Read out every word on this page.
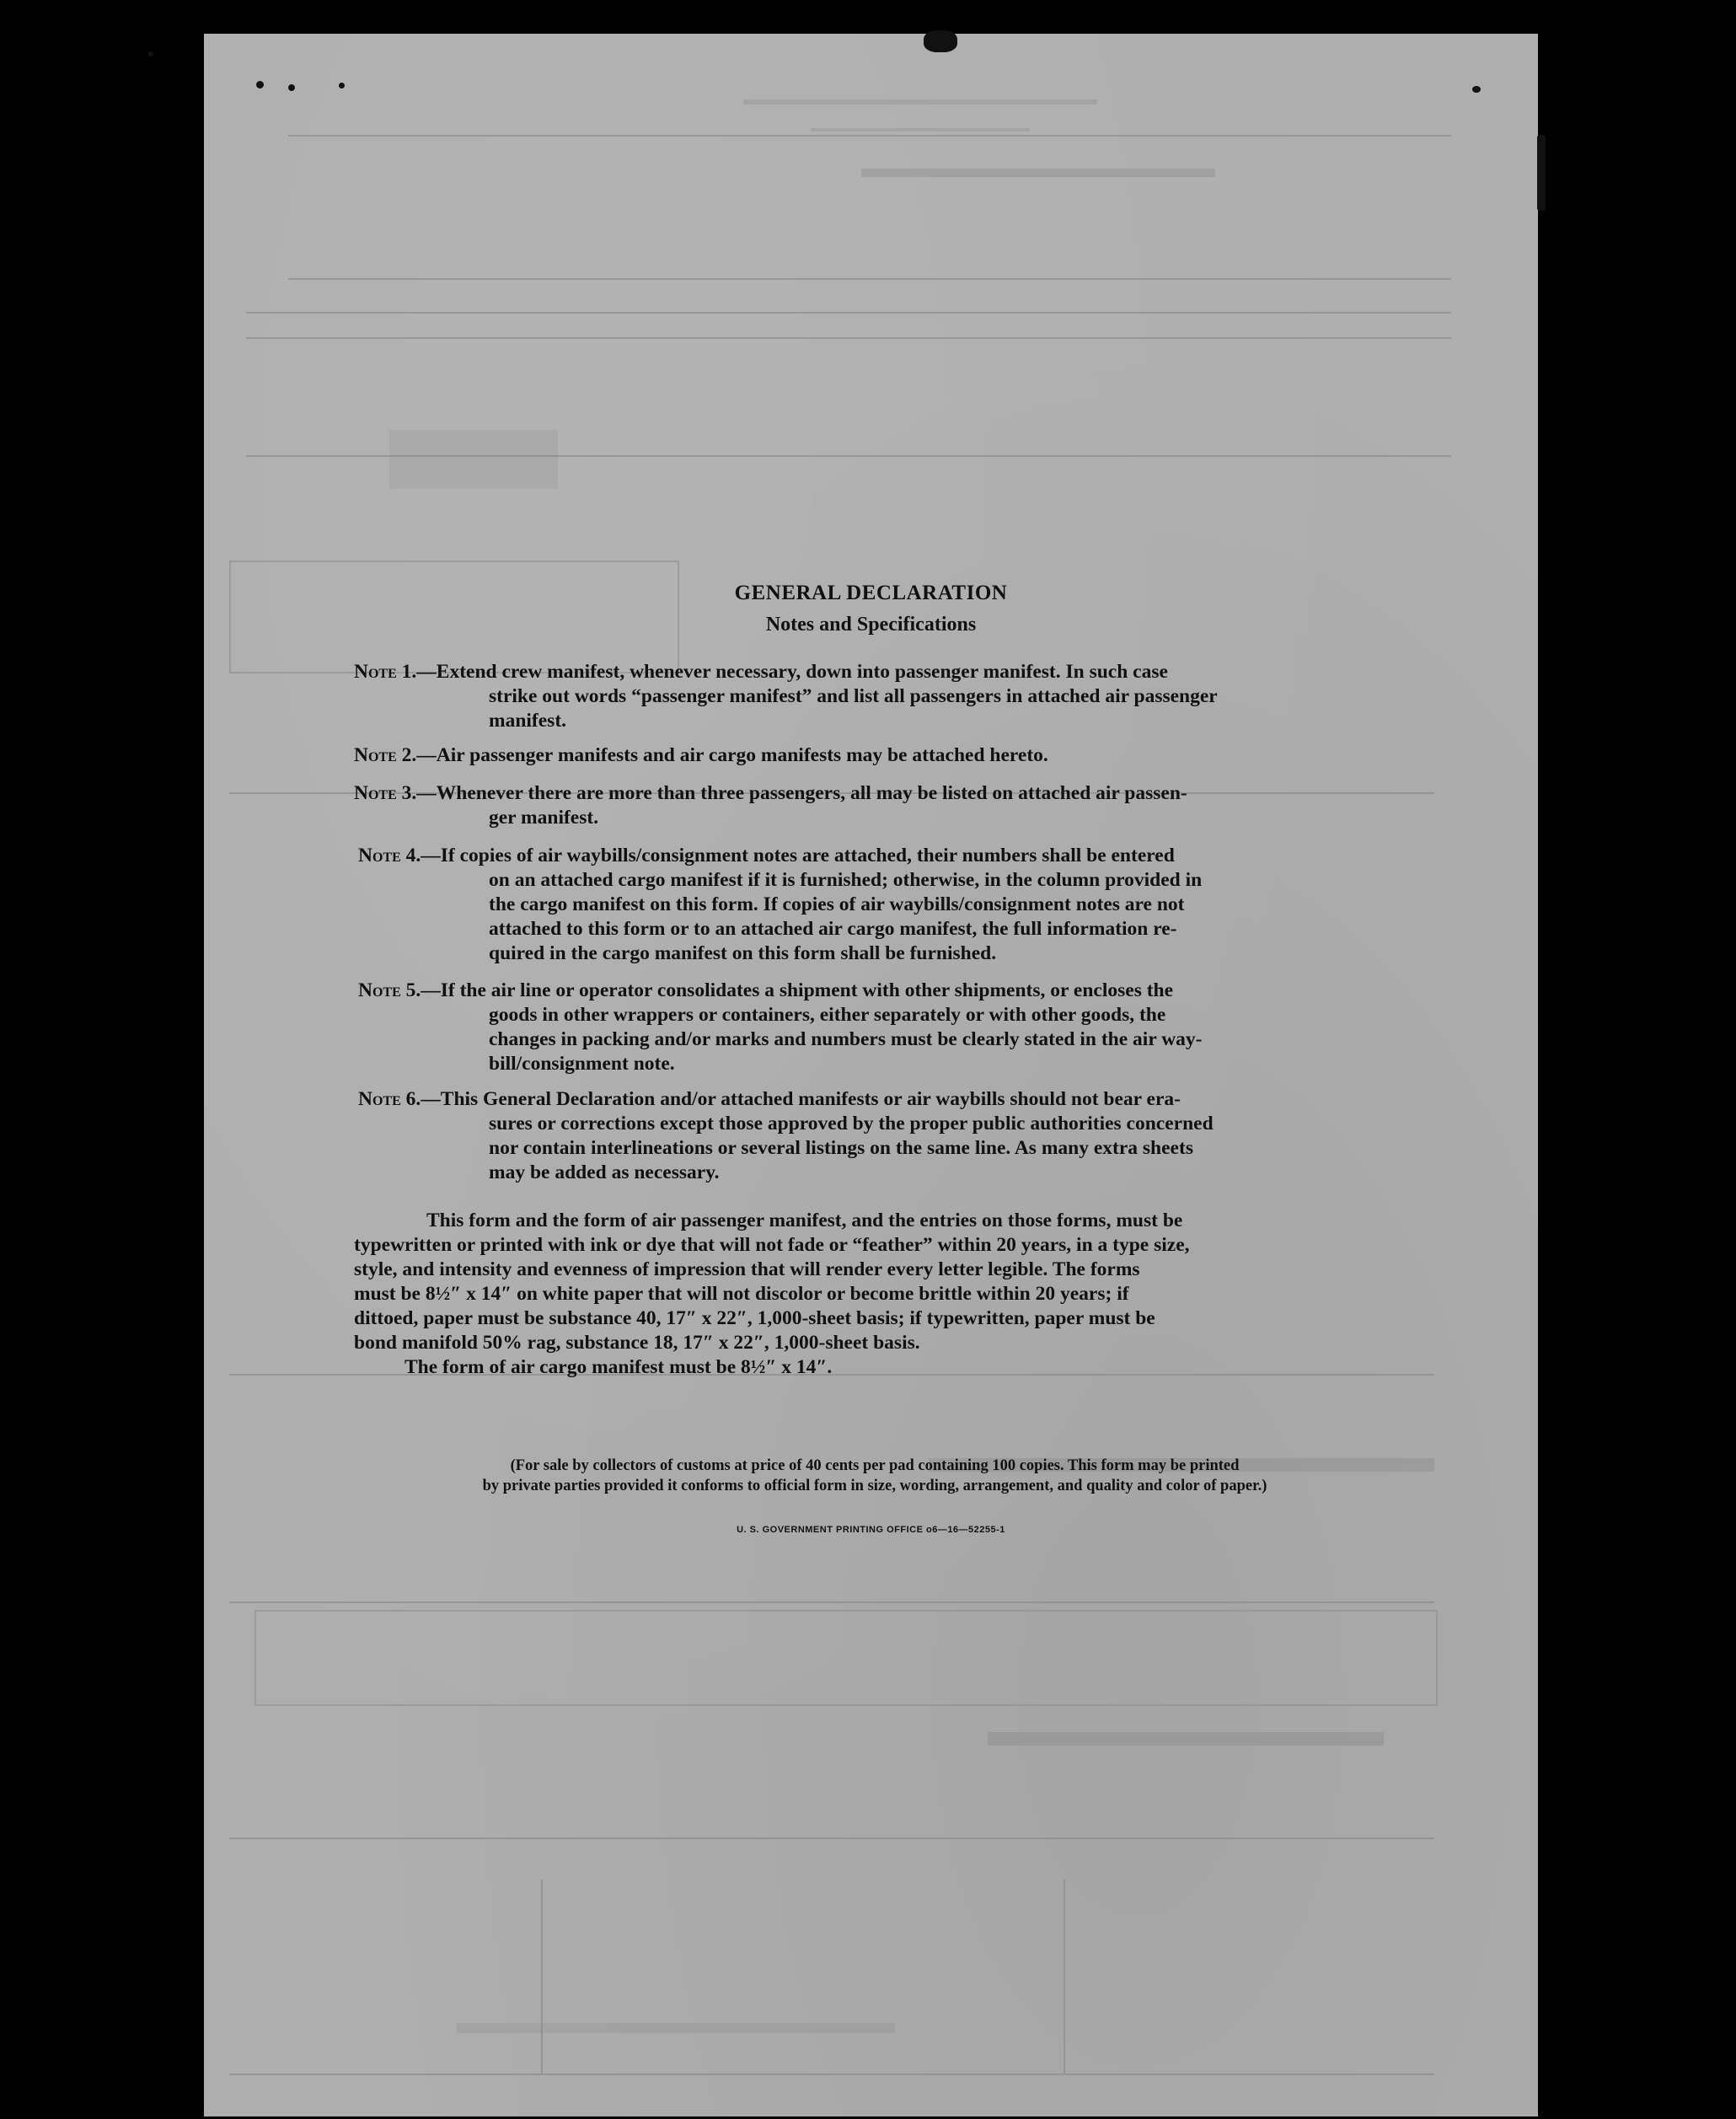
GENERAL DECLARATION
Notes and Specifications
Note 1.—Extend crew manifest, whenever necessary, down into passenger manifest. In such case
strike out words “passenger manifest” and list all passengers in attached air passenger
manifest.
Note 2.—Air passenger manifests and air cargo manifests may be attached hereto.
Note 3.—Whenever there are more than three passengers, all may be listed on attached air passen-
ger manifest.
Note 4.—If copies of air waybills/consignment notes are attached, their numbers shall be entered
on an attached cargo manifest if it is furnished; otherwise, in the column provided in
the cargo manifest on this form. If copies of air waybills/consignment notes are not
attached to this form or to an attached air cargo manifest, the full information re-
quired in the cargo manifest on this form shall be furnished.
Note 5.—If the air line or operator consolidates a shipment with other shipments, or encloses the
goods in other wrappers or containers, either separately or with other goods, the
changes in packing and/or marks and numbers must be clearly stated in the air way-
bill/consignment note.
Note 6.—This General Declaration and/or attached manifests or air waybills should not bear era-
sures or corrections except those approved by the proper public authorities concerned
nor contain interlineations or several listings on the same line. As many extra sheets
may be added as necessary.
This form and the form of air passenger manifest, and the entries on those forms, must be
typewritten or printed with ink or dye that will not fade or “feather” within 20 years, in a type size,
style, and intensity and evenness of impression that will render every letter legible. The forms
must be 8½″ x 14″ on white paper that will not discolor or become brittle within 20 years; if
dittoed, paper must be substance 40, 17″ x 22″, 1,000-sheet basis; if typewritten, paper must be
bond manifold 50% rag, substance 18, 17″ x 22″, 1,000-sheet basis.
The form of air cargo manifest must be 8½″ x 14″.
(For sale by collectors of customs at price of 40 cents per pad containing 100 copies. This form may be printed
by private parties provided it conforms to official form in size, wording, arrangement, and quality and color of paper.)
U. S. GOVERNMENT PRINTING OFFICE o6—16—52255-1
